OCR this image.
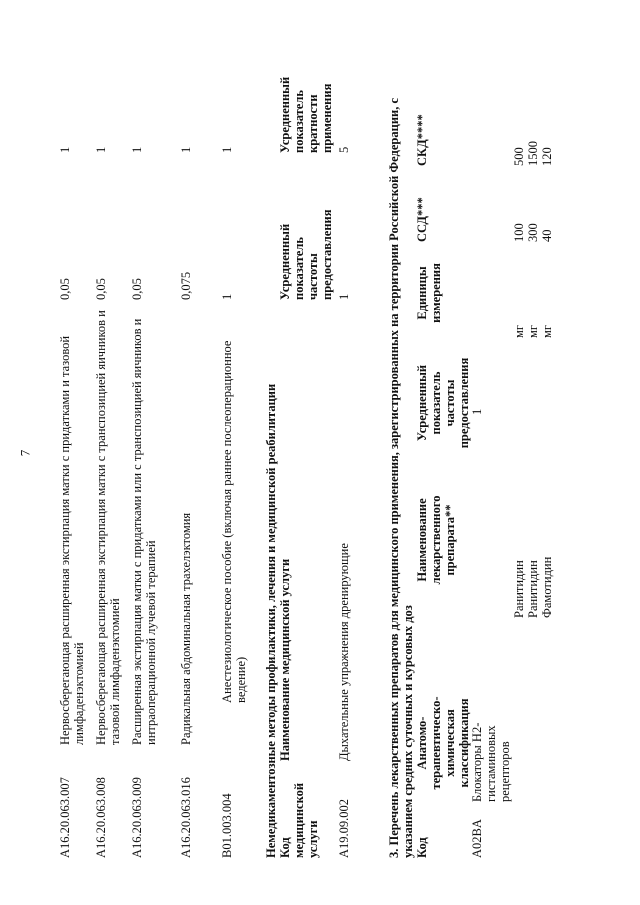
7
A16.20.063.007
Нервосберегающая расширенная экстирпация матки с придатками и тазовой лимфаденэктомией
0,05
1
A16.20.063.008
Нервосберегающая расширенная экстирпация матки с транспозицией яичников и тазовой лимфаденэктомией
0,05
1
A16.20.063.009
Расширенная экстирпация матки с придатками или с транспозицией яичников и интраоперационной лучевой терапией
0,05
1
A16.20.063.016
Радикальная абдоминальная трахелэктомия
0,075
1
B01.003.004
Анестезиологическое пособие (включая раннее послеоперационное ведение)
1
1
Немедикаментозные методы профилактики, лечения и медицинской реабилитации Код медицинской услуги
Наименование медицинской услуги
Усредненный показатель частоты предоставления
Усредненный показатель кратности применения
A19.09.002
Дыхательные упражнения дренирующие
1
5	3. Перечень лекарственных препаратов для медицинского применения, зарегистрированных на территории Российской Федерации, с указанием средних суточных и курсовых доз Код
Анатомо-терапевтическо-химическая классификация
Наименование лекарственного препарата**
Усредненный показатель частоты предоставления
Единицы измерения
ССД***
СКД****
A02BA
Блокаторы Н2-гистаминовых рецепторов
1
Ранитидин
мг
100
500
Ранитидин
мг
300
1500
Фамотидин
мг
40
120
